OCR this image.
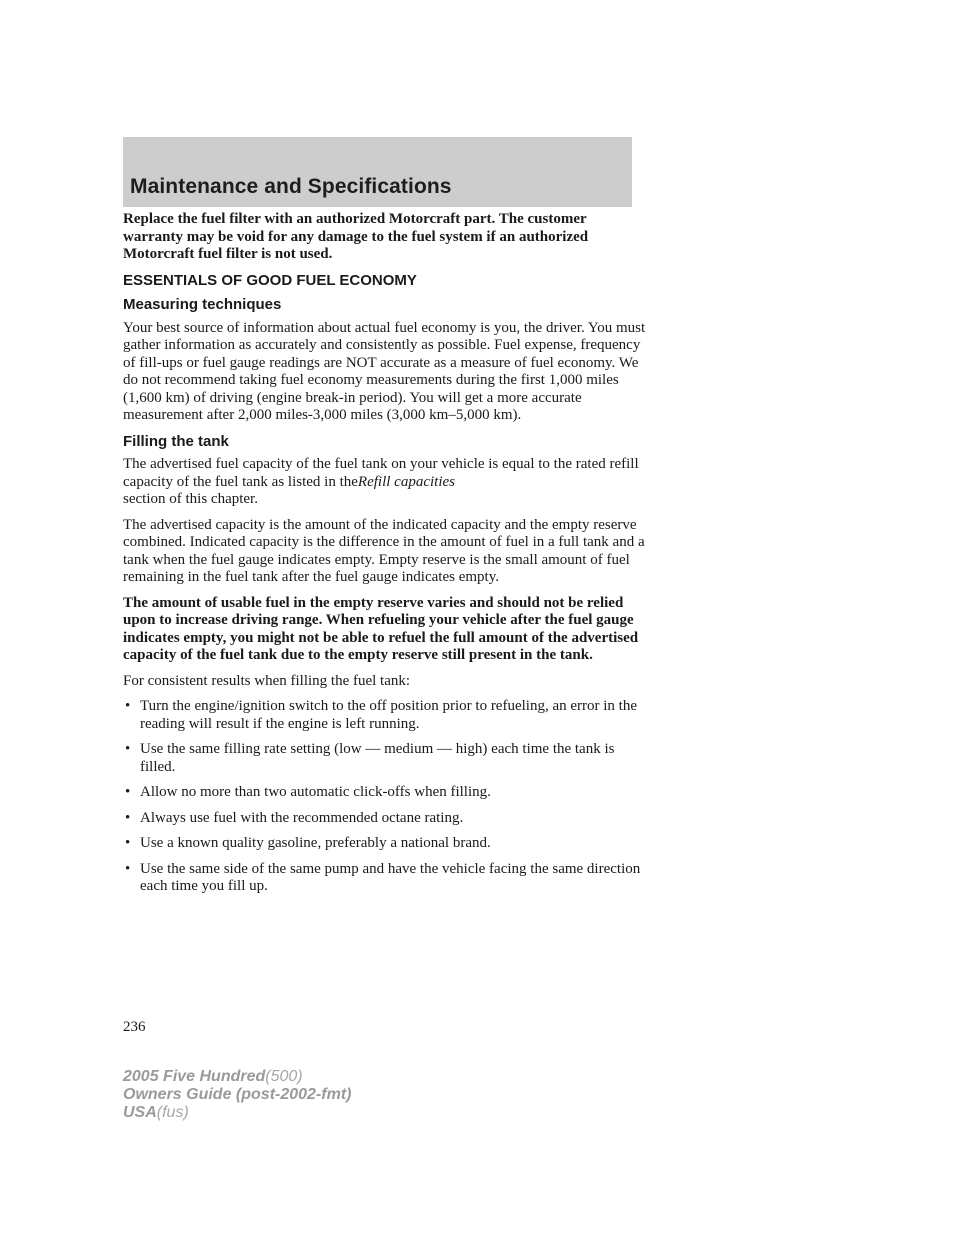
Maintenance and Specifications

Replace the fuel filter with an authorized Motorcraft part. The customer warranty may be void for any damage to the fuel system if an authorized Motorcraft fuel filter is not used.

ESSENTIALS OF GOOD FUEL ECONOMY
Measuring techniques

Your best source of information about actual fuel economy is you, the driver. You must gather information as accurately and consistently as possible. Fuel expense, frequency of fill-ups or fuel gauge readings are NOT accurate as a measure of fuel economy. We do not recommend taking fuel economy measurements during the first 1,000 miles (1,600 km) of driving (engine break-in period). You will get a more accurate measurement after 2,000 miles-3,000 miles (3,000 km–5,000 km).

Filling the tank

The advertised fuel capacity of the fuel tank on your vehicle is equal to the rated refill capacity of the fuel tank as listed in theRefill capacities
section of this chapter.

The advertised capacity is the amount of the indicated capacity and the empty reserve combined. Indicated capacity is the difference in the amount of fuel in a full tank and a tank when the fuel gauge indicates empty. Empty reserve is the small amount of fuel remaining in the fuel tank after the fuel gauge indicates empty.

The amount of usable fuel in the empty reserve varies and should not be relied upon to increase driving range. When refueling your vehicle after the fuel gauge indicates empty, you might not be able to refuel the full amount of the advertised capacity of the fuel tank due to the empty reserve still present in the tank.

For consistent results when filling the fuel tank:

• Turn the engine/ignition switch to the off position prior to refueling, an error in the reading will result if the engine is left running.
• Use the same filling rate setting (low — medium — high) each time the tank is filled.
• Allow no more than two automatic click-offs when filling.
• Always use fuel with the recommended octane rating.
• Use a known quality gasoline, preferably a national brand.
• Use the same side of the same pump and have the vehicle facing the same direction each time you fill up.
236
2005 Five Hundred(500)
Owners Guide (post-2002-fmt)
USA(fus)
